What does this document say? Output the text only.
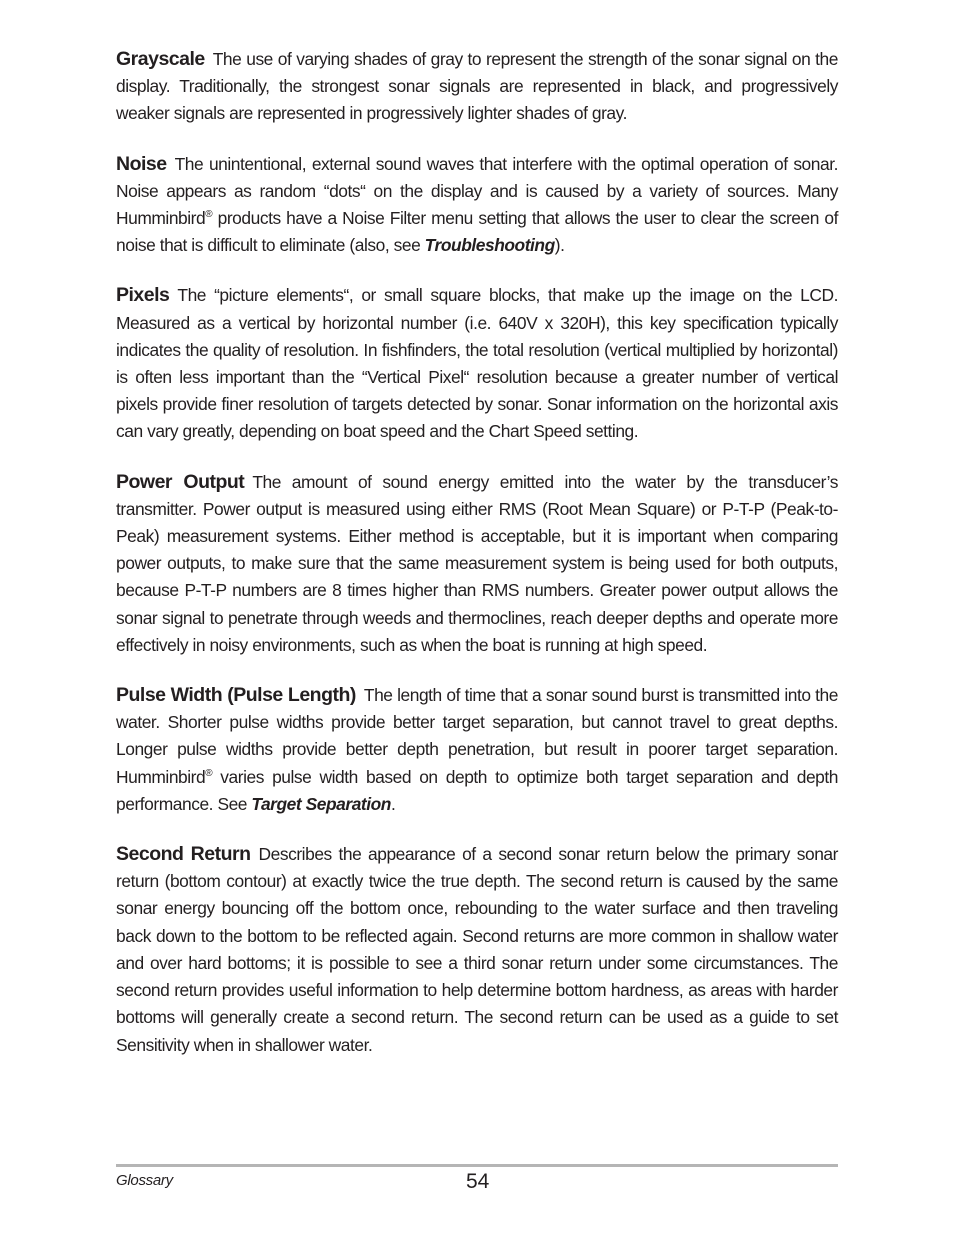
Grayscale The use of varying shades of gray to represent the strength of the sonar signal on the display. Traditionally, the strongest sonar signals are represented in black, and progressively weaker signals are represented in progressively lighter shades of gray.

Noise The unintentional, external sound waves that interfere with the optimal operation of sonar. Noise appears as random “dots“ on the display and is caused by a variety of sources. Many Humminbird® products have a Noise Filter menu setting that allows the user to clear the screen of noise that is difficult to eliminate (also, see Troubleshooting).

Pixels The “picture elements“, or small square blocks, that make up the image on the LCD. Measured as a vertical by horizontal number (i.e. 640V x 320H), this key specification typically indicates the quality of resolution. In fishfinders, the total resolution (vertical multiplied by horizontal) is often less important than the “Vertical Pixel“ resolution because a greater number of vertical pixels provide finer resolution of targets detected by sonar. Sonar information on the horizontal axis can vary greatly, depending on boat speed and the Chart Speed setting.

Power Output The amount of sound energy emitted into the water by the transducer’s transmitter. Power output is measured using either RMS (Root Mean Square) or P-T-P (Peak-to-Peak) measurement systems. Either method is acceptable, but it is important when comparing power outputs, to make sure that the same measurement system is being used for both outputs, because P-T-P numbers are 8 times higher than RMS numbers. Greater power output allows the sonar signal to penetrate through weeds and thermoclines, reach deeper depths and operate more effectively in noisy environments, such as when the boat is running at high speed.

Pulse Width (Pulse Length) The length of time that a sonar sound burst is transmitted into the water. Shorter pulse widths provide better target separation, but cannot travel to great depths. Longer pulse widths provide better depth penetration, but result in poorer target separation. Humminbird® varies pulse width based on depth to optimize both target separation and depth performance. See Target Separation.

Second Return Describes the appearance of a second sonar return below the primary sonar return (bottom contour) at exactly twice the true depth. The second return is caused by the same sonar energy bouncing off the bottom once, rebounding to the water surface and then traveling back down to the bottom to be reflected again. Second returns are more common in shallow water and over hard bottoms; it is possible to see a third sonar return under some circumstances. The second return provides useful information to help determine bottom hardness, as areas with harder bottoms will generally create a second return. The second return can be used as a guide to set Sensitivity when in shallower water.

Glossary	54
